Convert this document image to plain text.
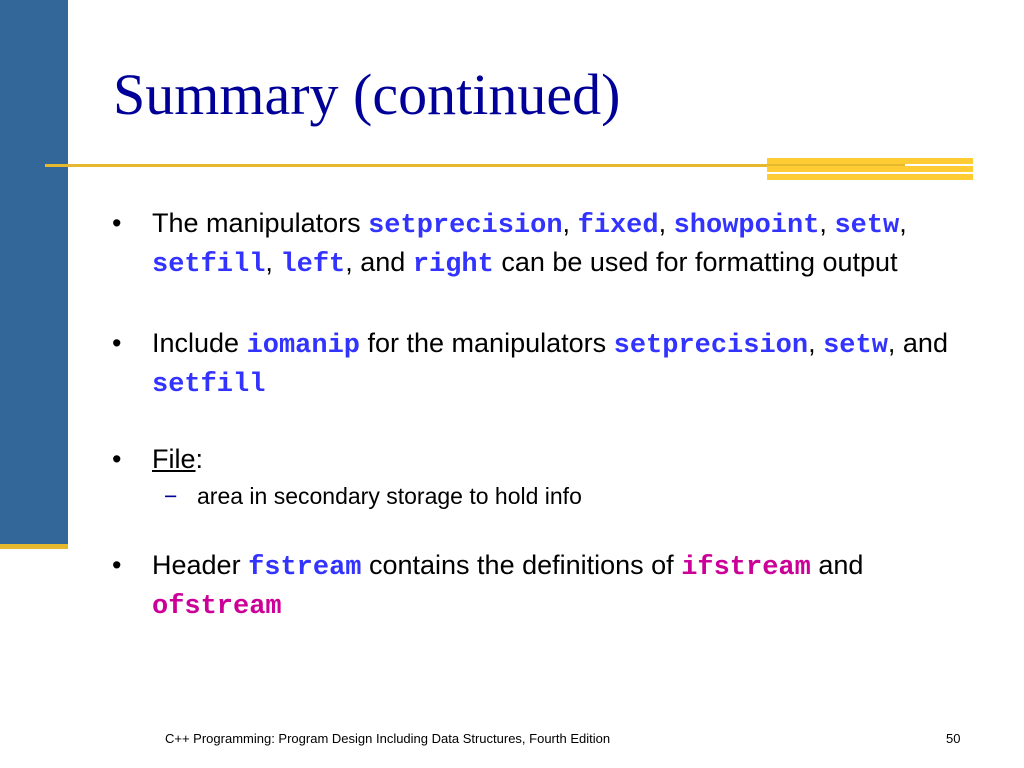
Summary (continued)
• The manipulators setprecision, fixed, showpoint, setw, setfill, left, and right can be used for formatting output
• Include iomanip for the manipulators setprecision, setw, and setfill
• File:
− area in secondary storage to hold info
• Header fstream contains the definitions of ifstream and ofstream
C++ Programming: Program Design Including Data Structures, Fourth Edition	50
